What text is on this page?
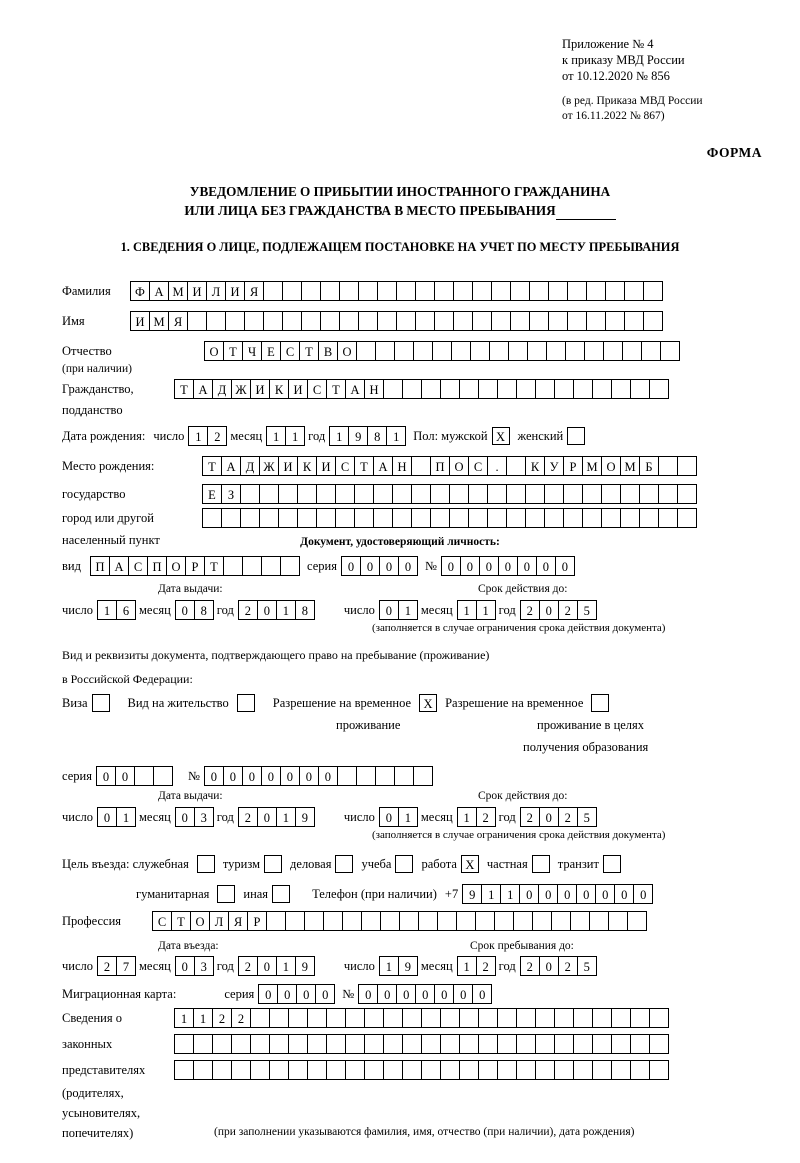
Приложение № 4
к приказу МВД России
от 10.12.2020 № 856
(в ред. Приказа МВД России
от 16.11.2022 № 867)
ФОРМА
УВЕДОМЛЕНИЕ О ПРИБЫТИИ ИНОСТРАННОГО ГРАЖДАНИНА
ИЛИ ЛИЦА БЕЗ ГРАЖДАНСТВА В МЕСТО ПРЕБЫВАНИЯ
1. СВЕДЕНИЯ О ЛИЦЕ, ПОДЛЕЖАЩЕМ ПОСТАНОВКЕ НА УЧЕТ ПО МЕСТУ ПРЕБЫВАНИЯ
Фамилия	Ф А М И Л И Я
Имя	И М Я
Отчество	О Т Ч Е С Т В О
(при наличии)
Гражданство,	Т А Д Ж И К И С Т А Н
подданство
Дата рождения: число 1	2 месяц 1	1 год 1	9	8	1	Пол: мужской X женский
Место рождения:	Т А Д Ж И К И С Т А Н	П О С	.	К У Р М О М Б
государство	Е З
город или другой
населенный пункт	Документ, удостоверяющий личность:
вид	П А С П О Р Т	серия 0	0	0	0	№ 0	0	0	0	0	0	0
Дата выдачи:	Срок действия до:
число 1	6 месяц 0	8 год 2	0	1	8	число 0	1 месяц 1	1 год 2	0	2	5
(заполняется в случае ограничения срока действия документа)
Вид и реквизиты документа, подтверждающего право на пребывание (проживание)
в Российской Федерации:
Виза	Вид на жительство	Разрешение на временное X Разрешение на временное
проживание	проживание в целях
получения образования
серия 0	0	№ 0	0	0	0	0	0	0
Дата выдачи:	Срок действия до:
число 0	1 месяц 0	3 год 2	0	1	9	число 0	1 месяц 1	2 год 2	0	2	5
(заполняется в случае ограничения срока действия документа)
Цель въезда: служебная	туризм деловая учеба работа X частная транзит
гуманитарная	иная	Телефон (при наличии) +7 9	1	1	0	0	0	0	0	0	0
Профессия	С Т О Л Я Р
Дата въезда:	Срок пребывания до:
число 2	7 месяц 0	3 год 2	0	1	9	число 1	9 месяц 1	2 год 2	0	2	5
Миграционная карта:	серия 0	0	0	0	№ 0	0	0	0	0	0	0
Сведения о	1	1	2	2
законных
представителях
(родителях,
усыновителях,
попечителях)	(при заполнении указываются фамилия, имя, отчество (при наличии), дата рождения)
